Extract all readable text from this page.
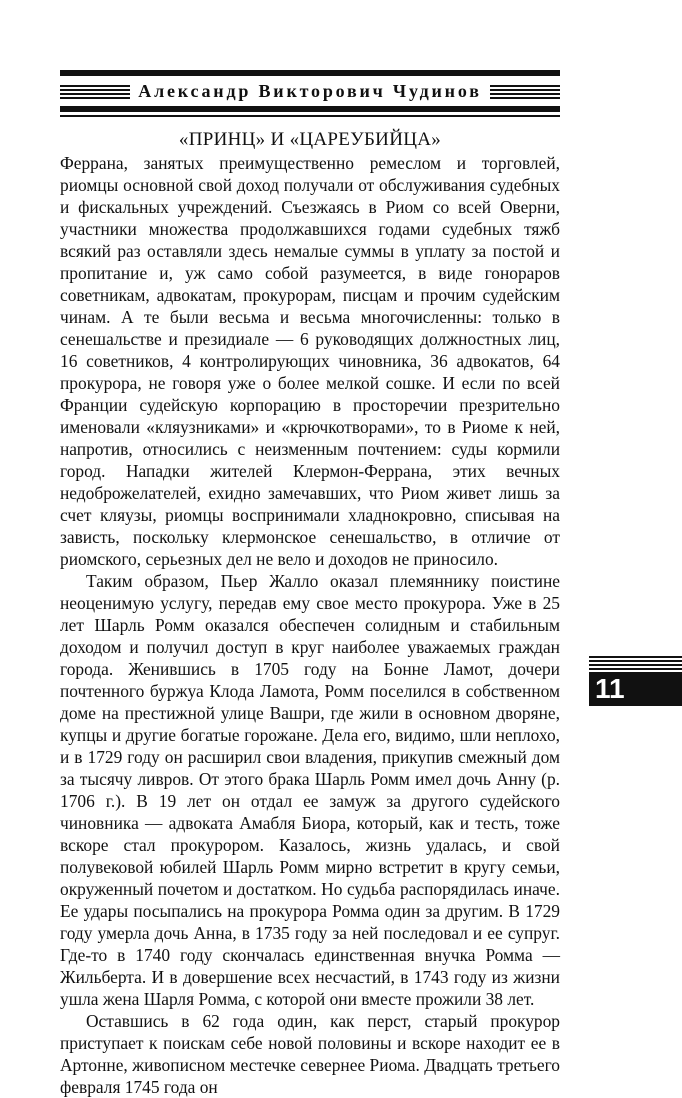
Александр Викторович Чудинов
«ПРИНЦ» И «ЦАРЕУБИЙЦА»

Феррана, занятых преимущественно ремеслом и торговлей, риомцы основной свой доход получали от обслуживания судебных и фискальных учреждений. Съезжаясь в Риом со всей Оверни, участники множества продолжавшихся годами судебных тяжб всякий раз оставляли здесь немалые суммы в уплату за постой и пропитание и, уж само собой разумеется, в виде гонораров советникам, адвокатам, прокурорам, писцам и прочим судейским чинам. А те были весьма и весьма многочисленны: только в сенешальстве и президиале — 6 руководящих должностных лиц, 16 советников, 4 контролирующих чиновника, 36 адвокатов, 64 прокурора, не говоря уже о более мелкой сошке. И если по всей Франции судейскую корпорацию в просторечии презрительно именовали «кляузниками» и «крючкотворами», то в Риоме к ней, напротив, относились с неизменным почтением: суды кормили город. Нападки жителей Клермон-Феррана, этих вечных недоброжелателей, ехидно замечавших, что Риом живет лишь за счет кляузы, риомцы воспринимали хладнокровно, списывая на зависть, поскольку клермонское сенешальство, в отличие от риомского, серьезных дел не вело и доходов не приносило.

Таким образом, Пьер Жалло оказал племяннику поистине неоценимую услугу, передав ему свое место прокурора. Уже в 25 лет Шарль Ромм оказался обеспечен солидным и стабильным доходом и получил доступ в круг наиболее уважаемых граждан города. Женившись в 1705 году на Бонне Ламот, дочери почтенного буржуа Клода Ламота, Ромм поселился в собственном доме на престижной улице Вашри, где жили в основном дворяне, купцы и другие богатые горожане. Дела его, видимо, шли неплохо, и в 1729 году он расширил свои владения, прикупив смежный дом за тысячу ливров. От этого брака Шарль Ромм имел дочь Анну (р. 1706 г.). В 19 лет он отдал ее замуж за другого судейского чиновника — адвоката Амабля Биора, который, как и тесть, тоже вскоре стал прокурором. Казалось, жизнь удалась, и свой полувековой юбилей Шарль Ромм мирно встретит в кругу семьи, окруженный почетом и достатком. Но судьба распорядилась иначе. Ее удары посыпались на прокурора Ромма один за другим. В 1729 году умерла дочь Анна, в 1735 году за ней последовал и ее супруг. Где-то в 1740 году скончалась единственная внучка Ромма — Жильберта. И в довершение всех несчастий, в 1743 году из жизни ушла жена Шарля Ромма, с которой они вместе прожили 38 лет.

Оставшись в 62 года один, как перст, старый прокурор приступает к поискам себе новой половины и вскоре находит ее в Артонне, живописном местечке севернее Риома. Двадцать третьего февраля 1745 года он

11
